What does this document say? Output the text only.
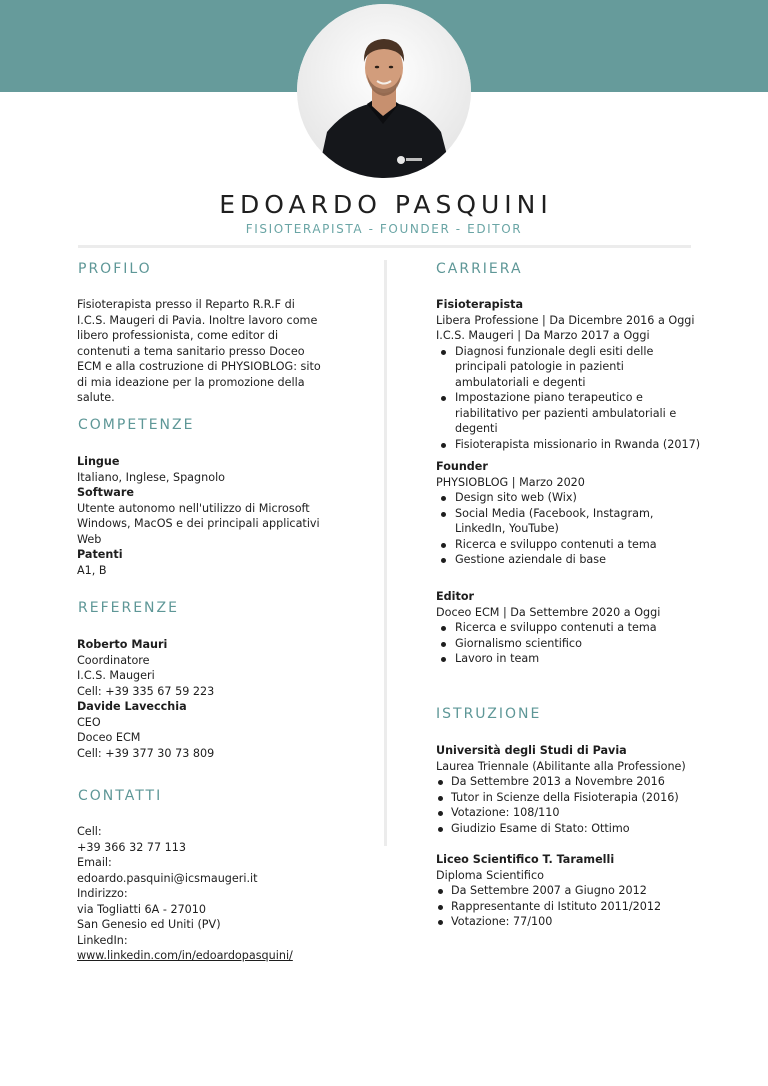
EDOARDO PASQUINI
FISIOTERAPISTA - FOUNDER - EDITOR
PROFILO

Fisioterapista presso il Reparto R.R.F di I.C.S. Maugeri di Pavia. Inoltre lavoro come libero professionista, come editor di contenuti a tema sanitario presso Doceo ECM e alla costruzione di PHYSIOBLOG: sito di mia ideazione per la promozione della salute.

COMPETENZE

Lingue

Italiano, Inglese, Spagnolo

Software

Utente autonomo nell'utilizzo di Microsoft Windows, MacOS e dei principali applicativi Web

Patenti

A1, B

REFERENZE

Roberto Mauri

Coordinatore

I.C.S. Maugeri

Cell: +39 335 67 59 223

Davide Lavecchia

CEO

Doceo ECM

Cell: +39 377 30 73 809

CONTATTI

Cell:

+39 366 32 77 113

Email:

edoardo.pasquini@icsmaugeri.it

Indirizzo:

via Togliatti 6A - 27010

San Genesio ed Uniti (PV)

LinkedIn:

www.linkedin.com/in/edoardopasquini/

CARRIERA

Fisioterapista

Libera Professione | Da Dicembre 2016 a Oggi

I.C.S. Maugeri | Da Marzo 2017 a Oggi

Diagnosi funzionale degli esiti delle principali patologie in pazienti ambulatoriali e degenti
Impostazione piano terapeutico e riabilitativo per pazienti ambulatoriali e degenti
Fisioterapista missionario in Rwanda (2017)

Founder

PHYSIOBLOG | Marzo 2020

Design sito web (Wix)
Social Media (Facebook, Instagram, LinkedIn, YouTube)
Ricerca e sviluppo contenuti a tema
Gestione aziendale di base

Editor

Doceo ECM | Da Settembre 2020 a Oggi

Ricerca e sviluppo contenuti a tema
Giornalismo scientifico
Lavoro in team
ISTRUZIONE

Università degli Studi di Pavia

Laurea Triennale (Abilitante alla Professione)

Da Settembre 2013 a Novembre 2016
Tutor in Scienze della Fisioterapia (2016)
Votazione: 108/110
Giudizio Esame di Stato: Ottimo

Liceo Scientifico T. Taramelli

Diploma Scientifico

Da Settembre 2007 a Giugno 2012
Rappresentante di Istituto 2011/2012
Votazione: 77/100
